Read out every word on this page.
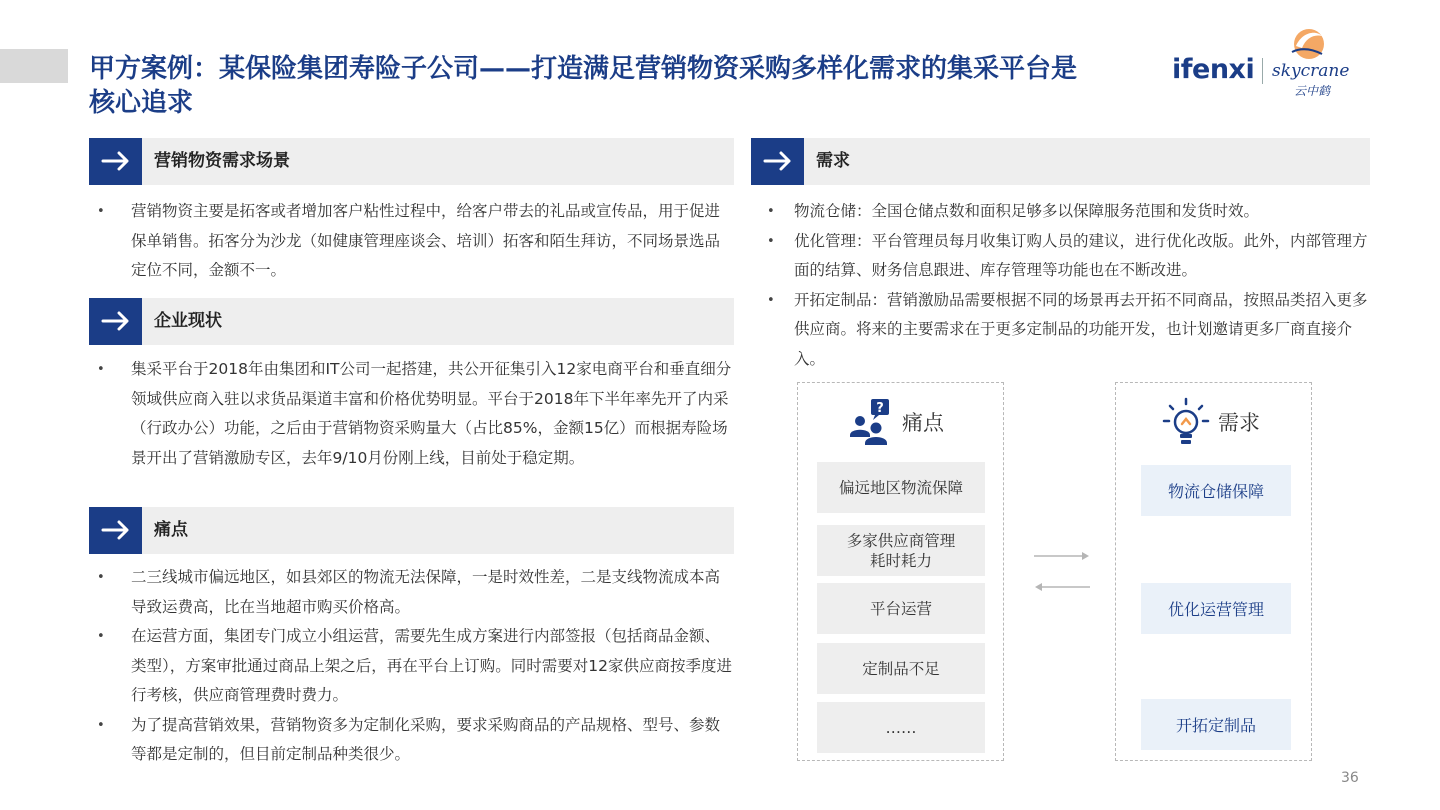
甲方案例：某保险集团寿险子公司——打造满足营销物资采购多样化需求的集采平台是核心追求
ifenxi skycrane
云中鹤
营销物资需求场景
• 营销物资主要是拓客或者增加客户粘性过程中，给客户带去的礼品或宣传品，用于促进保单销售。拓客分为沙龙（如健康管理座谈会、培训）拓客和陌生拜访，不同场景选品定位不同，金额不一。
企业现状
• 集采平台于2018年由集团和IT公司一起搭建，共公开征集引入12家电商平台和垂直细分领域供应商入驻以求货品渠道丰富和价格优势明显。平台于2018年下半年率先开了内采（行政办公）功能，之后由于营销物资采购量大（占比85%，金额15亿）而根据寿险场景开出了营销激励专区，去年9/10月份刚上线，目前处于稳定期。
痛点
• 二三线城市偏远地区，如县郊区的物流无法保障，一是时效性差，二是支线物流成本高导致运费高，比在当地超市购买价格高。
• 在运营方面，集团专门成立小组运营，需要先生成方案进行内部签报（包括商品金额、类型），方案审批通过商品上架之后，再在平台上订购。同时需要对12家供应商按季度进行考核，供应商管理费时费力。
• 为了提高营销效果，营销物资多为定制化采购，要求采购商品的产品规格、型号、参数等都是定制的，但目前定制品种类很少。
需求
• 物流仓储：全国仓储点数和面积足够多以保障服务范围和发货时效。
• 优化管理：平台管理员每月收集订购人员的建议，进行优化改版。此外，内部管理方面的结算、财务信息跟进、库存管理等功能也在不断改进。
• 开拓定制品：营销激励品需要根据不同的场景再去开拓不同商品，按照品类招入更多供应商。将来的主要需求在于更多定制品的功能开发，也计划邀请更多厂商直接介入。
?
痛点
偏远地区物流保障
多家供应商管理
耗时耗力
平台运营
定制品不足
……
需求
物流仓储保障
优化运营管理
开拓定制品
36
